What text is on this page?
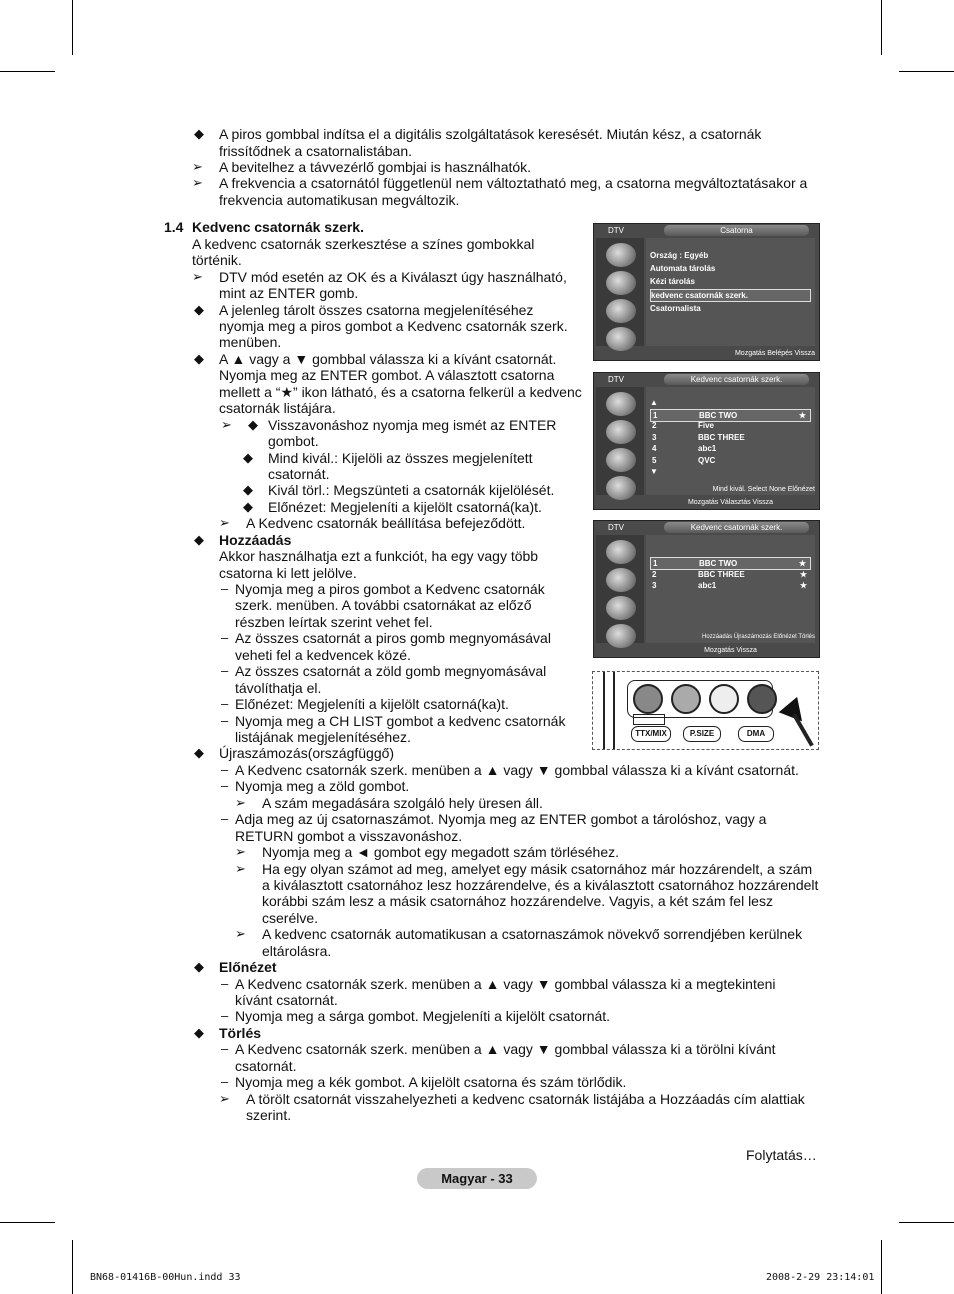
◆ A piros gombbal indítsa el a digitális szolgáltatások keresését. Miután kész, a csatornák
frissítődnek a csatornalistában.
➢ A bevitelhez a távvezérlő gombjai is használhatók.
➢ A frekvencia a csatornától függetlenül nem változtatható meg, a csatorna megváltoztatásakor a
frekvencia automatikusan megváltozik.
1.4 Kedvenc csatornák szerk.
A kedvenc csatornák szerkesztése a színes gombokkal
történik.
➢ DTV mód esetén az OK és a Kiválaszt úgy használható,
mint az ENTER gomb.
◆ A jelenleg tárolt összes csatorna megjelenítéséhez
nyomja meg a piros gombot a Kedvenc csatornák szerk.
menüben.
◆ A ▲ vagy a ▼ gombbal válassza ki a kívánt csatornát.
Nyomja meg az ENTER gombot. A választott csatorna
mellett a “★” ikon látható, és a csatorna felkerül a kedvenc
csatornák listájára.
➢ ◆ Visszavonáshoz nyomja meg ismét az ENTER
gombot.
◆ Mind kivál.: Kijelöli az összes megjelenített
csatornát.
◆ Kivál törl.: Megszünteti a csatornák kijelölését.
◆ Előnézet: Megjeleníti a kijelölt csatorná(ka)t.
➢ A Kedvenc csatornák beállítása befejeződött.
◆ Hozzáadás
Akkor használhatja ezt a funkciót, ha egy vagy több
csatorna ki lett jelölve.
– Nyomja meg a piros gombot a Kedvenc csatornák
szerk. menüben. A további csatornákat az előző
részben leírtak szerint vehet fel.
– Az összes csatornát a piros gomb megnyomásával
veheti fel a kedvencek közé.
– Az összes csatornát a zöld gomb megnyomásával
távolíthatja el.
– Előnézet: Megjeleníti a kijelölt csatorná(ka)t.
– Nyomja meg a CH LIST gombot a kedvenc csatornák
listájának megjelenítéséhez.
◆ Újraszámozás(országfüggő)
– A Kedvenc csatornák szerk. menüben a ▲ vagy ▼ gombbal válassza ki a kívánt csatornát.
– Nyomja meg a zöld gombot.
➢ A szám megadására szolgáló hely üresen áll.
– Adja meg az új csatornaszámot. Nyomja meg az ENTER gombot a tárolóshoz, vagy a
RETURN gombot a visszavonáshoz.
➢ Nyomja meg a ◄ gombot egy megadott szám törléséhez.
➢ Ha egy olyan számot ad meg, amelyet egy másik csatornához már hozzárendelt, a szám
a kiválasztott csatornához lesz hozzárendelve, és a kiválasztott csatornához hozzárendelt
korábbi szám lesz a másik csatornához hozzárendelve. Vagyis, a két szám fel lesz
cserélve.
➢ A kedvenc csatornák automatikusan a csatornaszámok növekvő sorrendjében kerülnek
eltárolásra.
◆ Előnézet
– A Kedvenc csatornák szerk. menüben a ▲ vagy ▼ gombbal válassza ki a megtekinteni
kívánt csatornát.
– Nyomja meg a sárga gombot. Megjeleníti a kijelölt csatornát.
◆ Törlés
– A Kedvenc csatornák szerk. menüben a ▲ vagy ▼ gombbal válassza ki a törölni kívánt
csatornát.
– Nyomja meg a kék gombot. A kijelölt csatorna és szám törlődik.
➢ A törölt csatornát visszahelyezheti a kedvenc csatornák listájába a Hozzáadás cím alattiak
szerint.
DTV	Csatorna
Ország : Egyéb
Automata tárolás
Kézi tárolás
kedvenc csatornák szerk.
Csatornalista
Mozgatás Belépés Vissza
DTV	Kedvenc csatornák szerk.
▲
1	BBC TWO	★
2	Five
3	BBC THREE
4	abc1
5	QVC
▼
Mind kivál. Select None Előnézet
Mozgatás Választás Vissza
DTV	Kedvenc csatornák szerk.
1	BBC TWO	★
2	BBC THREE	★
3	abc1	★
Hozzáadás Újraszámozás Előnézet Törlés
Mozgatás Vissza
TTX/MIX	P.SIZE	DMA
Folytatás…
Magyar - 33
BN68-01416B-00Hun.indd 33	2008-2-29 23:14:01
